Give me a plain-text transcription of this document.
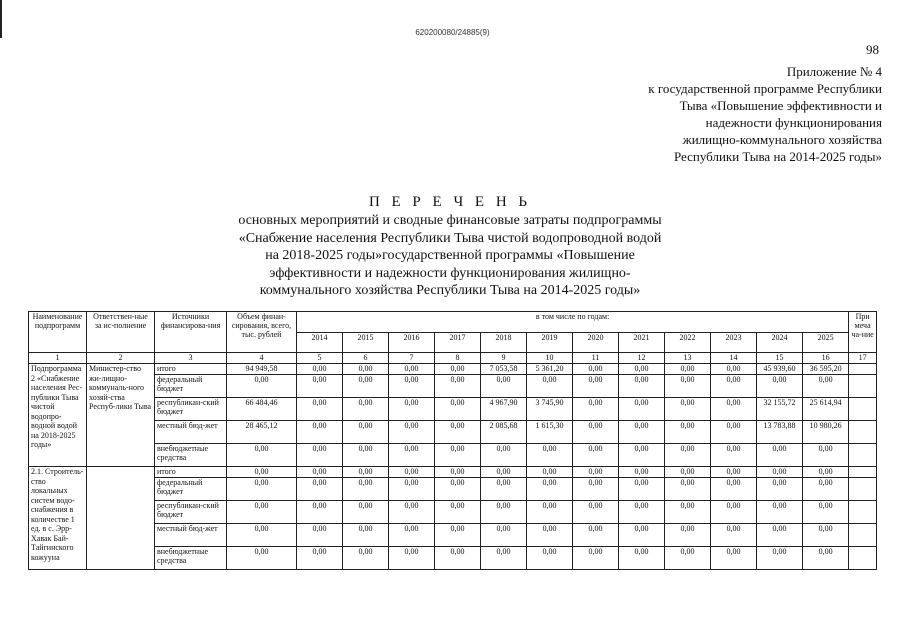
620200080/24885(9)
98
Приложение № 4
к государственной программе Республики
Тыва «Повышение эффективности и
надежности функционирования
жилищно-коммунального хозяйства
Республики Тыва на 2014-2025 годы»
П Е Р Е Ч Е Н Ь
основных мероприятий и сводные финансовые затраты подпрограммы
«Снабжение населения Республики Тыва чистой водопроводной водой
на 2018-2025 годы»государственной программы «Повышение
эффективности и надежности функционирования жилищно-
коммунального хозяйства Республики Тыва на 2014-2025 годы»
Наименование подпрограмм	Ответствен-ные за ис-полнение	Источники финансирова-ния	Объем финан-сирования, всего, тыс. рублей	в том числе по годам:												При меча ча-ние
				2014	2015	2016	2017	2018	2019	2020	2021	2022	2023	2024	2025	
1	2	3	4	5	6	7	8	9	10	11	12	13	14	15	16	17
Подпрограмма 2 «Снабжение населения Рес-публики Тыва чистой водопро-водной водой на 2018-2025 годы»	Министер-ство жи-лищно-коммуналь-ного хозяй-ства Респуб-лики Тыва	итого	94 949,58	0,00	0,00	0,00	0,00	7 053,58	5 361,20	0,00	0,00	0,00	0,00	45 939,60	36 595,20	
		федеральный бюджет	0,00	0,00	0,00	0,00	0,00	0,00	0,00	0,00	0,00	0,00	0,00	0,00	0,00	
		республикан-ский бюджет	66 484,46	0,00	0,00	0,00	0,00	4 967,90	3 745,90	0,00	0,00	0,00	0,00	32 155,72	25 614,94	
		местный бюд-жет	28 465,12	0,00	0,00	0,00	0,00	2 085,68	1 615,30	0,00	0,00	0,00	0,00	13 783,88	10 980,26	
		внебюджетные средства	0,00	0,00	0,00	0,00	0,00	0,00	0,00	0,00	0,00	0,00	0,00	0,00	0,00	
2.1. Строитель-ство локальных систем водо-снабжения в количестве 1 ед. в с. Эрр-Хавак Бай-Тайгинского кожууна		итого	0,00	0,00	0,00	0,00	0,00	0,00	0,00	0,00	0,00	0,00	0,00	0,00	0,00	
		федеральный бюджет	0,00	0,00	0,00	0,00	0,00	0,00	0,00	0,00	0,00	0,00	0,00	0,00	0,00	
		республикан-ский бюджет	0,00	0,00	0,00	0,00	0,00	0,00	0,00	0,00	0,00	0,00	0,00	0,00	0,00	
		местный бюд-жет	0,00	0,00	0,00	0,00	0,00	0,00	0,00	0,00	0,00	0,00	0,00	0,00	0,00	
		внебюджетные средства	0,00	0,00	0,00	0,00	0,00	0,00	0,00	0,00	0,00	0,00	0,00	0,00	0,00	
